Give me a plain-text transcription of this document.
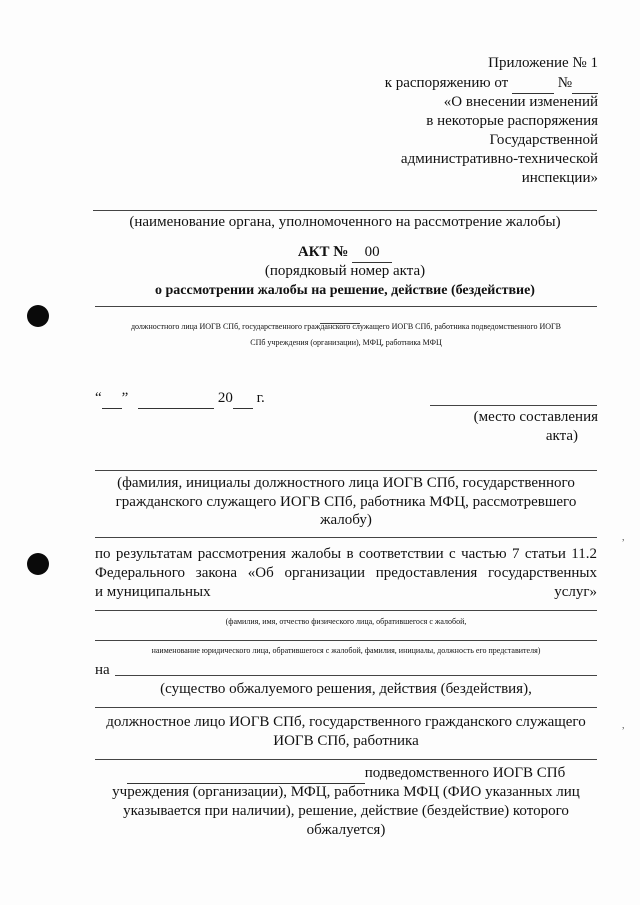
,
,
Приложение № 1
к распоряжению от	№
«О внесении изменений
в некоторые распоряжения
Государственной
административно-технической
инспекции»
(наименование органа, уполномоченного на рассмотрение жалобы)
АКТ № 00
(порядковый номер акта)
о рассмотрении жалобы на решение, действие (бездействие)
должностного лица ИОГВ СПб, государственного гражданского служащего ИОГВ СПб, работника подведомственного ИОГВ
СПб учреждения (организации), МФЦ, работника МФЦ
“ ”	20 г.
(место составления
акта)
(фамилия, инициалы должностного лица ИОГВ СПб, государственного
гражданского служащего ИОГВ СПб, работника МФЦ, рассмотревшего
жалобу)
по результатам рассмотрения жалобы в соответствии с частью 7 статьи 11.2
Федерального закона «Об организации предоставления государственных
и муниципальных	услуг»
(фамилия, имя, отчество физического лица, обратившегося с жалобой,
наименование юридического лица, обратившегося с жалобой, фамилия, инициалы, должность его представителя)
на
(существо обжалуемого решения, действия (бездействия),
должностное лицо ИОГВ СПб, государственного гражданского служащего
ИОГВ СПб, работника
подведомственного ИОГВ СПб
учреждения (организации), МФЦ, работника МФЦ (ФИО указанных лиц
указывается при наличии), решение, действие (бездействие) которого
обжалуется)
